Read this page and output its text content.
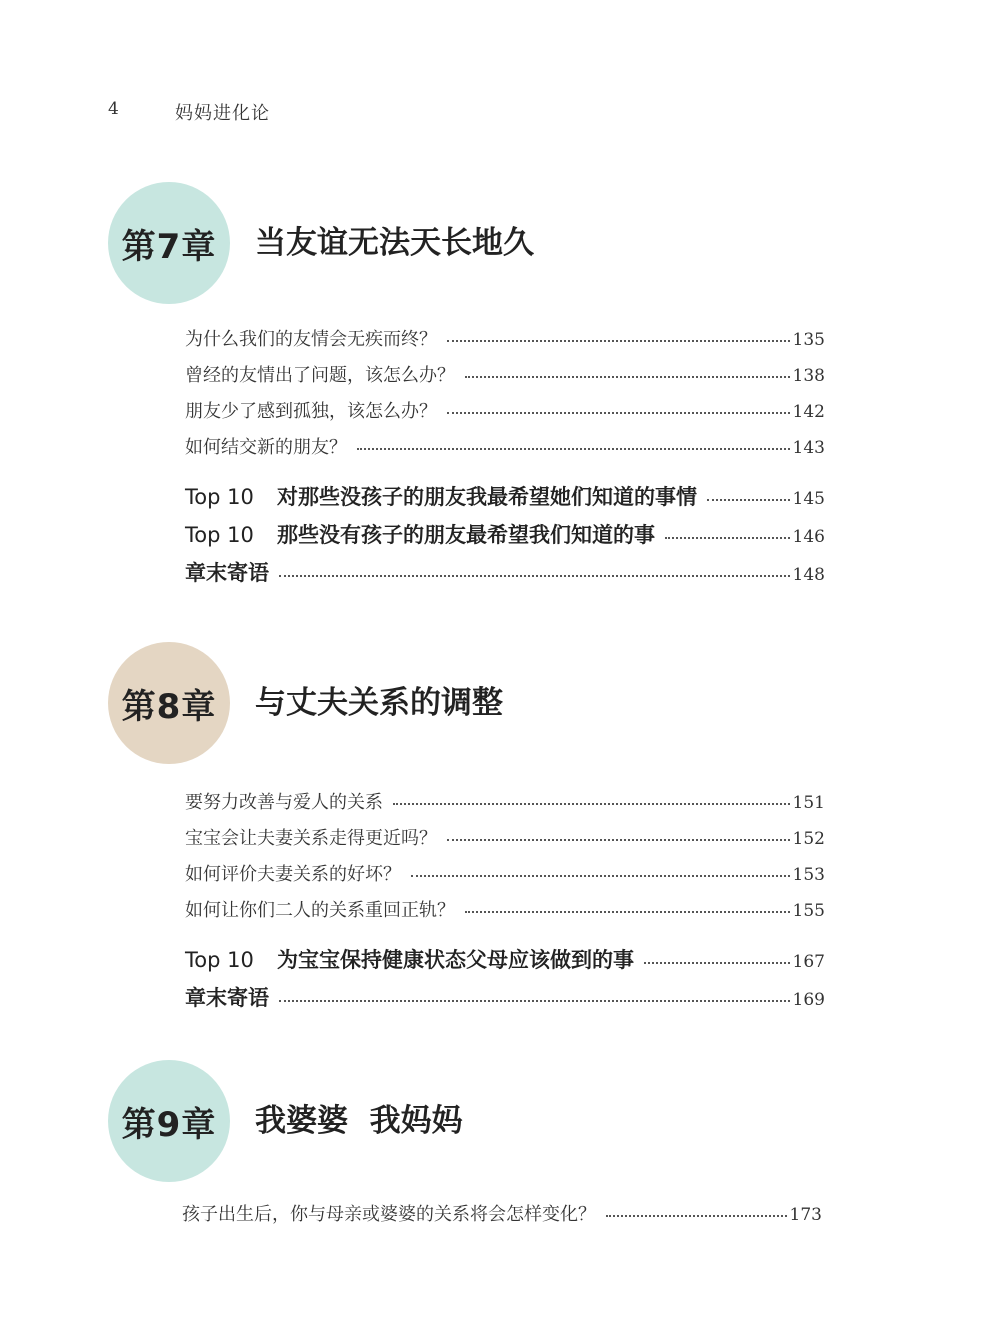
4	妈妈进化论
第7章	当友谊无法天长地久
为什么我们的友情会无疾而终？	135
曾经的友情出了问题，该怎么办？	138
朋友少了感到孤独，该怎么办？	142
如何结交新的朋友？	143
Top 10 对那些没孩子的朋友我最希望她们知道的事情	145
Top 10 那些没有孩子的朋友最希望我们知道的事	146
章末寄语	148
第8章	与丈夫关系的调整
要努力改善与爱人的关系	151
宝宝会让夫妻关系走得更近吗？	152
如何评价夫妻关系的好坏？	153
如何让你们二人的关系重回正轨？	155
Top 10 为宝宝保持健康状态父母应该做到的事	167
章末寄语	169
第9章	我婆婆  我妈妈
孩子出生后，你与母亲或婆婆的关系将会怎样变化？	173
